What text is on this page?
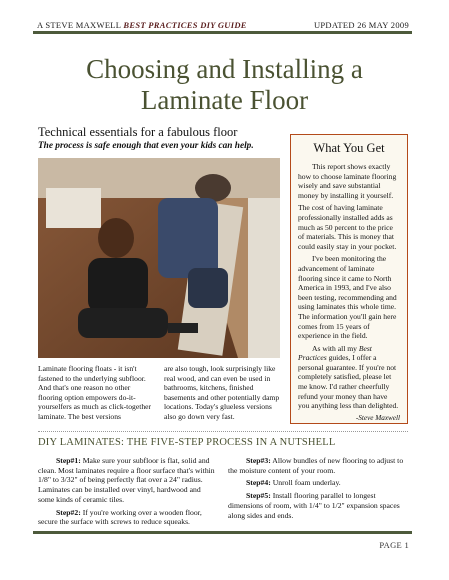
A STEVE MAXWELL BEST PRACTICES DIY GUIDE	UPDATED 26 MAY 2009
Choosing and Installing a
Laminate Floor
Technical essentials for a fabulous floor
The process is safe enough that even your kids can help.
Laminate flooring floats - it isn't fastened to the underlying subfloor. And that's one reason no other flooring option empowers do-it-yourselfers as much as click-together laminate. The best versions
are also tough, look surprisingly like real wood, and can even be used in bathrooms, kitchens, finished basements and other potentially damp locations. Today's glueless versions also go down very fast.
What You Get

This report shows exactly how to choose laminate flooring wisely and save substantial money by installing it yourself.

The cost of having laminate professionally installed adds as much as 50 percent to the price of materials. This is money that could easily stay in your pocket.

I've been monitoring the advancement of laminate flooring since it came to North America in 1993, and I've also been testing, recommending and using laminates this whole time. The information you'll gain here comes from 15 years of experience in the field.

As with all my Best Practices guides, I offer a personal guarantee. If you're not completely satisfied, please let me know. I'd rather cheerfully refund your money than have you anything less than delighted.

-Steve Maxwell
DIY LAMINATES: THE FIVE-STEP PROCESS IN A NUTSHELL

Step#1: Make sure your subfloor is flat, solid and clean. Most laminates require a floor surface that's within 1/8" to 3/32" of being perfectly flat over a 24" radius. Laminates can be installed over vinyl, hardwood and some kinds of ceramic tiles.

Step#2: If you're working over a wooden floor, secure the surface with screws to reduce squeaks.

Step#3: Allow bundles of new flooring to adjust to the moisture content of your room.

Step#4: Unroll foam underlay.

Step#5: Install flooring parallel to longest dimensions of room, with 1/4" to 1/2" expansion spaces along sides and ends.

PAGE 1
